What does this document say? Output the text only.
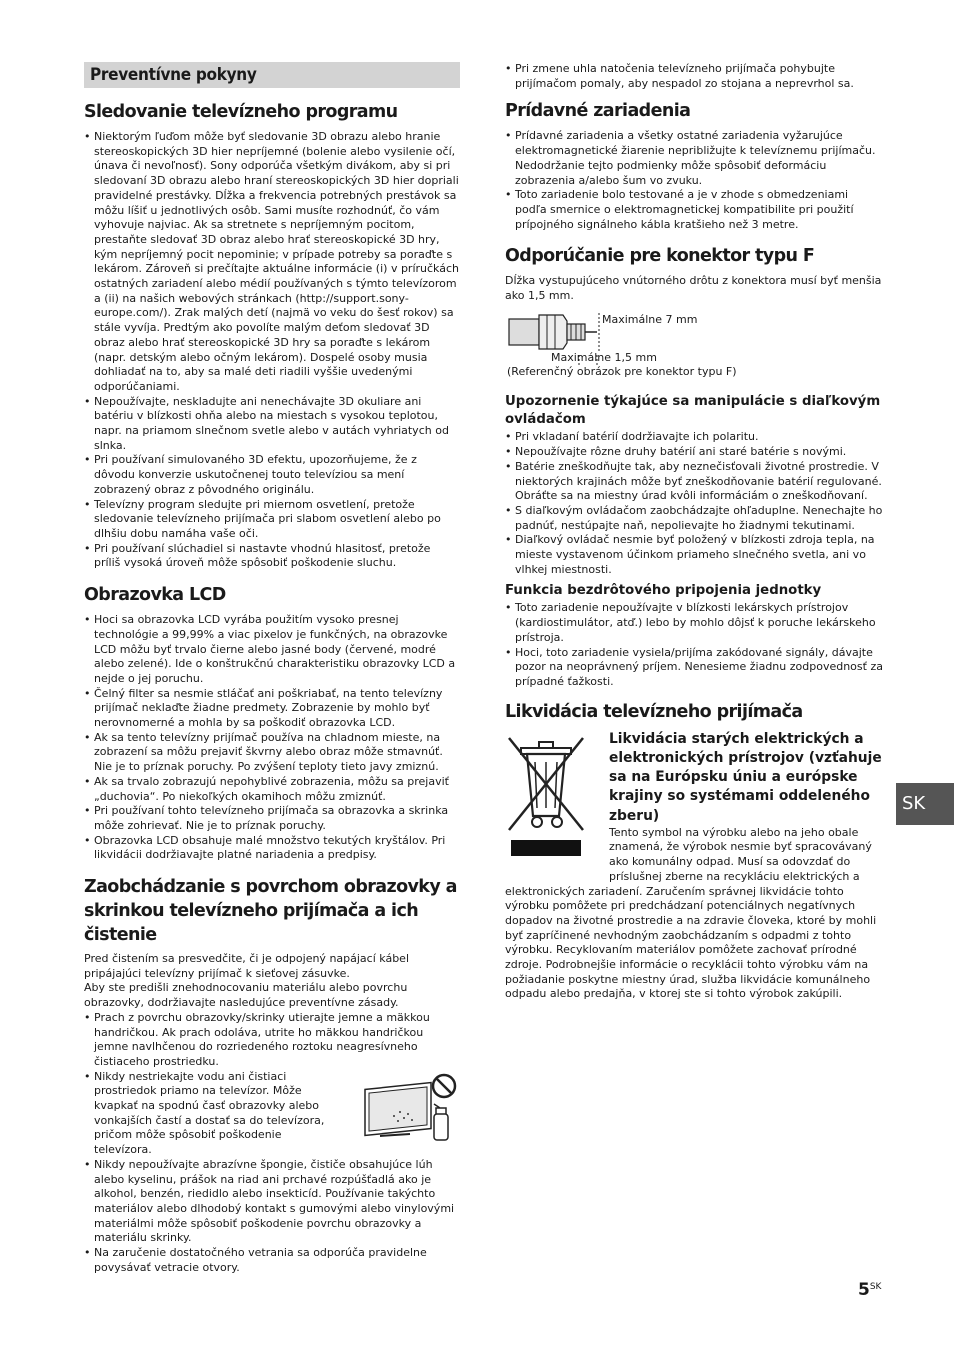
Preventívne pokyny
Sledovanie televízneho programu
• Niektorým ľuďom môže byť sledovanie 3D obrazu alebo hranie stereoskopických 3D hier nepríjemné (bolenie alebo vysilenie očí, únava či nevoľnosť). Sony odporúča všetkým divákom, aby si pri sledovaní 3D obrazu alebo hraní stereoskopických 3D hier dopriali pravidelné prestávky. Dĺžka a frekvencia potrebných prestávok sa môžu líšiť u jednotlivých osôb. Sami musíte rozhodnúť, čo vám vyhovuje najviac. Ak sa stretnete s nepríjemným pocitom, prestaňte sledovať 3D obraz alebo hrať stereoskopické 3D hry, kým nepríjemný pocit nepominie; v prípade potreby sa poraďte s lekárom. Zároveň si prečítajte aktuálne informácie (i) v príručkách ostatných zariadení alebo médií používaných s týmto televízorom a (ii) na našich webových stránkach (http://support.sony-europe.com/). Zrak malých detí (najmä vo veku do šesť rokov) sa stále vyvíja. Predtým ako povolíte malým deťom sledovať 3D obraz alebo hrať stereoskopické 3D hry sa poraďte s lekárom (napr. detským alebo očným lekárom). Dospelé osoby musia dohliadať na to, aby sa malé deti riadili vyššie uvedenými odporúčaniami.
• Nepoužívajte, neskladujte ani nenechávajte 3D okuliare ani batériu v blízkosti ohňa alebo na miestach s vysokou teplotou, napr. na priamom slnečnom svetle alebo v autách vyhriatych od slnka.
• Pri používaní simulovaného 3D efektu, upozorňujeme, že z dôvodu konverzie uskutočnenej touto televíziou sa mení zobrazený obraz z pôvodného originálu.
• Televízny program sledujte pri miernom osvetlení, pretože sledovanie televízneho prijímača pri slabom osvetlení alebo po dlhšiu dobu namáha vaše oči.
• Pri používaní slúchadiel si nastavte vhodnú hlasitosť, pretože príliš vysoká úroveň môže spôsobiť poškodenie sluchu.
Obrazovka LCD
• Hoci sa obrazovka LCD vyrába použitím vysoko presnej technológie a 99,99% a viac pixelov je funkčných, na obrazovke LCD môžu byť trvalo čierne alebo jasné body (červené, modré alebo zelené). Ide o konštrukčnú charakteristiku obrazovky LCD a nejde o jej poruchu.
• Čelný filter sa nesmie stláčať ani poškriabať, na tento televízny prijímač neklaďte žiadne predmety. Zobrazenie by mohlo byť nerovnomerné a mohla by sa poškodiť obrazovka LCD.
• Ak sa tento televízny prijímač používa na chladnom mieste, na zobrazení sa môžu prejaviť škvrny alebo obraz môže stmavnúť. Nie je to príznak poruchy. Po zvýšení teploty tieto javy zmiznú.
• Ak sa trvalo zobrazujú nepohyblivé zobrazenia, môžu sa prejaviť „duchovia“. Po niekoľkých okamihoch môžu zmiznúť.
• Pri používaní tohto televízneho prijímača sa obrazovka a skrinka môže zohrievať. Nie je to príznak poruchy.
• Obrazovka LCD obsahuje malé množstvo tekutých kryštálov. Pri likvidácii dodržiavajte platné nariadenia a predpisy.
Zaobchádzanie s povrchom obrazovky a
skrinkou televízneho prijímača a ich čistenie

Pred čistením sa presvedčite, či je odpojený napájací kábel pripájajúci televízny prijímač k sieťovej zásuvke.

Aby ste predišli znehodnocovaniu materiálu alebo povrchu obrazovky, dodržiavajte nasledujúce preventívne zásady.

• Prach z povrchu obrazovky/skrinky utierajte jemne a mäkkou handričkou. Ak prach odoláva, utrite ho mäkkou handričkou jemne navlhčenou do rozriedeného roztoku neagresívneho čistiaceho prostriedku.
• Nikdy nestriekajte vodu ani čistiaci prostriedok priamo na televízor. Môže kvapkať na spodnú časť obrazovky alebo vonkajších častí a dostať sa do televízora, pričom môže spôsobiť poškodenie televízora.
• Nikdy nepoužívajte abrazívne špongie, čističe obsahujúce lúh alebo kyselinu, prášok na riad ani prchavé rozpúšťadlá ako je alkohol, benzén, riedidlo alebo insekticíd. Používanie takýchto materiálov alebo dlhodobý kontakt s gumovými alebo vinylovými materiálmi môže spôsobiť poškodenie povrchu obrazovky a materiálu skrinky.
• Na zaručenie dostatočného vetrania sa odporúča pravidelne povysávať vetracie otvory.
• Pri zmene uhla natočenia televízneho prijímača pohybujte prijímačom pomaly, aby nespadol zo stojana a neprevrhol sa.
Prídavné zariadenia
• Prídavné zariadenia a všetky ostatné zariadenia vyžarujúce elektromagnetické žiarenie nepribližujte k televíznemu prijímaču. Nedodržanie tejto podmienky môže spôsobiť deformáciu zobrazenia a/alebo šum vo zvuku.
• Toto zariadenie bolo testované a je v zhode s obmedzeniami podľa smernice o elektromagnetickej kompatibilite pri použití prípojného signálneho kábla kratšieho než 3 metre.
Odporúčanie pre konektor typu F

Dĺžka vystupujúceho vnútorného drôtu z konektora musí byť menšia ako 1,5 mm.

Maximálne 7 mm
Maximálne 1,5 mm

(Referenčný obrázok pre konektor typu F)

Upozornenie týkajúce sa manipulácie s diaľkovým ovládačom
• Pri vkladaní batérií dodržiavajte ich polaritu.
• Nepoužívajte rôzne druhy batérií ani staré batérie s novými.
• Batérie zneškodňujte tak, aby neznečisťovali životné prostredie. V niektorých krajinách môže byť zneškodňovanie batérií regulované. Obráťte sa na miestny úrad kvôli informáciám o zneškodňovaní.
• S diaľkovým ovládačom zaobchádzajte ohľaduplne. Nenechajte ho padnúť, nestúpajte naň, nepolievajte ho žiadnymi tekutinami.
• Diaľkový ovládač nesmie byť položený v blízkosti zdroja tepla, na mieste vystavenom účinkom priameho slnečného svetla, ani vo vlhkej miestnosti.
Funkcia bezdrôtového pripojenia jednotky
• Toto zariadenie nepoužívajte v blízkosti lekárskych prístrojov (kardiostimulátor, atď.) lebo by mohlo dôjsť k poruche lekárskeho prístroja.
• Hoci, toto zariadenie vysiela/prijíma zakódované signály, dávajte pozor na neoprávnený príjem. Nenesieme žiadnu zodpovednosť za prípadné ťažkosti.
Likvidácia televízneho prijímača
Likvidácia starých elektrických a elektronických prístrojov (vzťahuje sa na Európsku úniu a európske krajiny so systémami oddeleného zberu)

Tento symbol na výrobku alebo na jeho obale znamená, že výrobok nesmie byť spracovávaný ako komunálny odpad. Musí sa odovzdať do príslušnej zberne na recykláciu elektrických a

elektronických zariadení. Zaručením správnej likvidácie tohto výrobku pomôžete pri predchádzaní potenciálnych negatívnych dopadov na životné prostredie a na zdravie človeka, ktoré by mohli byť zapríčinené nevhodným zaobchádzaním s odpadmi z tohto výrobku. Recyklovaním materiálov pomôžete zachovať prírodné zdroje. Podrobnejšie informácie o recyklácii tohto výrobku vám na požiadanie poskytne miestny úrad, služba likvidácie komunálneho odpadu alebo predajňa, v ktorej ste si tohto výrobok zakúpili.

SK
$5^{SK}$
